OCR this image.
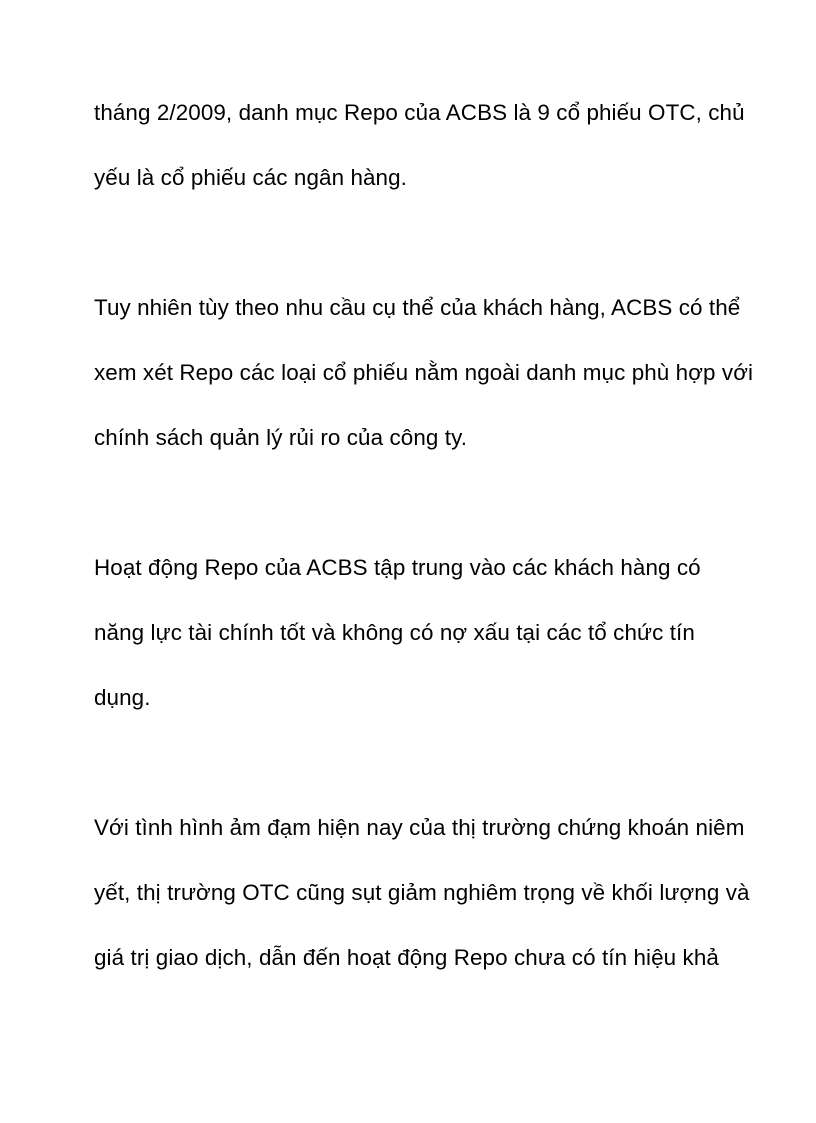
tháng 2/2009, danh mục Repo của ACBS là 9 cổ phiếu OTC, chủ
yếu là cổ phiếu các ngân hàng.
Tuy nhiên tùy theo nhu cầu cụ thể của khách hàng, ACBS có thể
xem xét Repo các loại cổ phiếu nằm ngoài danh mục phù hợp với
chính sách quản lý rủi ro của công ty.
Hoạt động Repo của ACBS tập trung vào các khách hàng có
năng lực tài chính tốt và không có nợ xấu tại các tổ chức tín
dụng.
Với tình hình ảm đạm hiện nay của thị trường chứng khoán niêm
yết, thị trường OTC cũng sụt giảm nghiêm trọng về khối lượng và
giá trị giao dịch, dẫn đến hoạt động Repo chưa có tín hiệu khả
